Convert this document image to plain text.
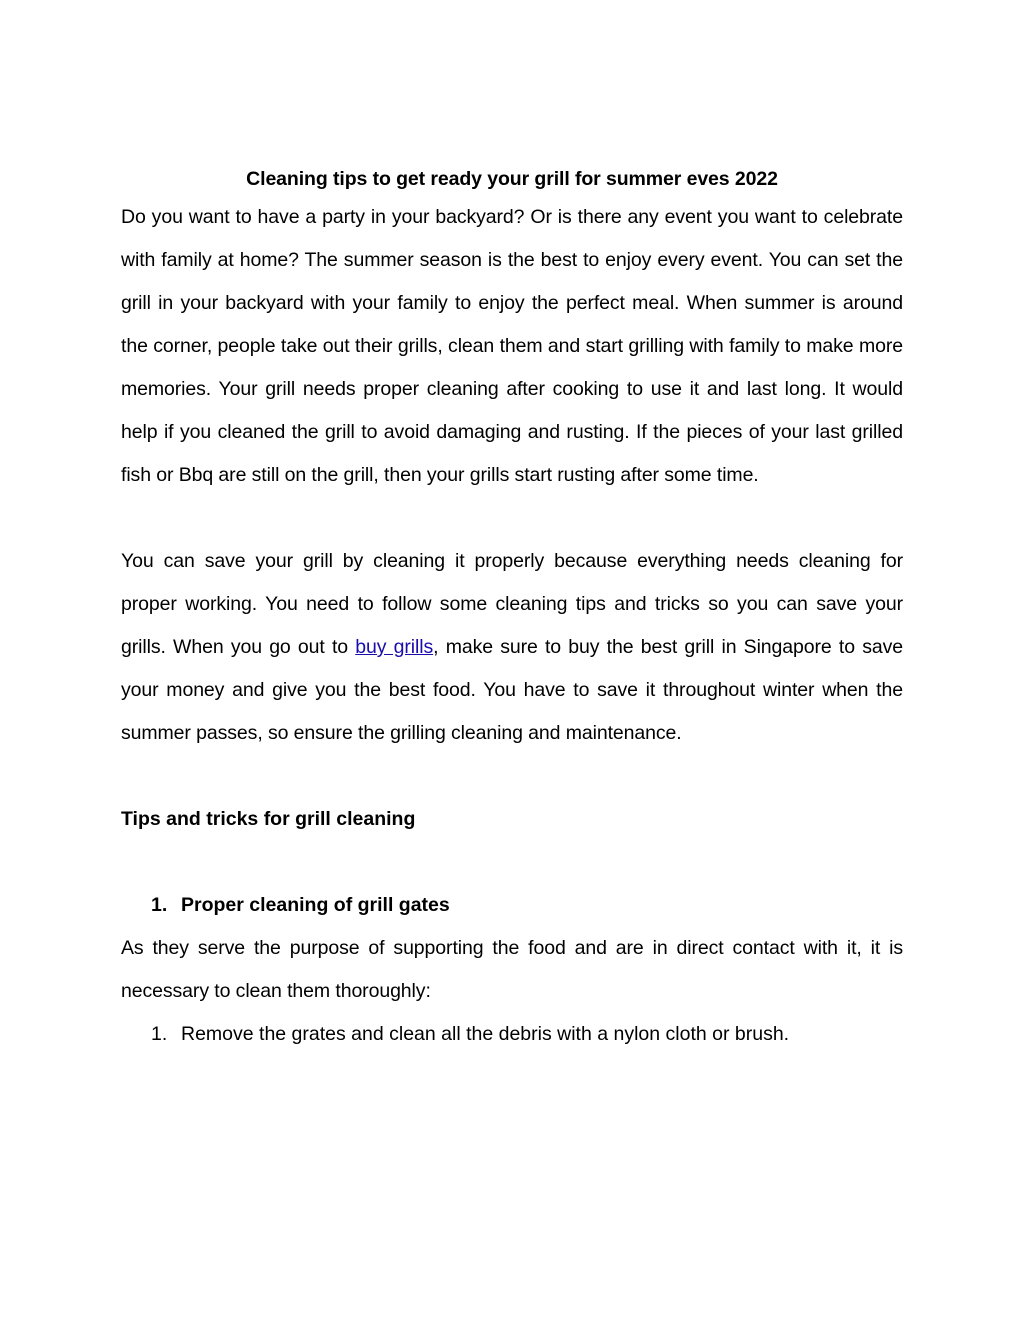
Cleaning tips to get ready your grill for summer eves 2022

Do you want to have a party in your backyard? Or is there any event you want to celebrate with family at home? The summer season is the best to enjoy every event. You can set the grill in your backyard with your family to enjoy the perfect meal. When summer is around the corner, people take out their grills, clean them and start grilling with family to make more memories. Your grill needs proper cleaning after cooking to use it and last long. It would help if you cleaned the grill to avoid damaging and rusting. If the pieces of your last grilled fish or Bbq are still on the grill, then your grills start rusting after some time.

You can save your grill by cleaning it properly because everything needs cleaning for proper working. You need to follow some cleaning tips and tricks so you can save your grills. When you go out to buy grills, make sure to buy the best grill in Singapore to save your money and give you the best food. You have to save it throughout winter when the summer passes, so ensure the grilling cleaning and maintenance.

Tips and tricks for grill cleaning

1. Proper cleaning of grill gates

As they serve the purpose of supporting the food and are in direct contact with it, it is necessary to clean them thoroughly:

1. Remove the grates and clean all the debris with a nylon cloth or brush.
